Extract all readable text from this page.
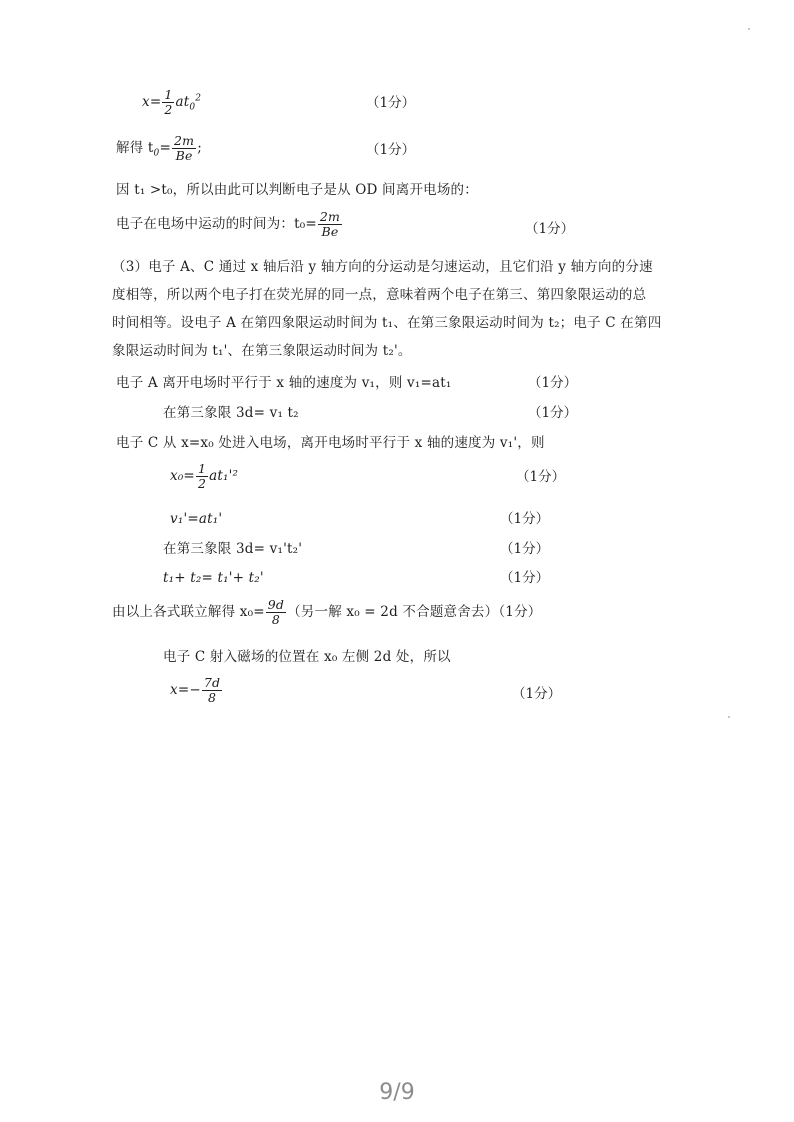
$x= \frac{1}{2} at_0^2$	（1分）
解得 $t_0= \frac{2m}{Be}$ ;	（1分）
因 t₁ >t₀，所以由此可以判断电子是从 OD 间离开电场的：
电子在电场中运动的时间为：$t_0= \frac{2m}{Be}$	（1分）
（3）电子 A、C 通过 x 轴后沿 y 轴方向的分运动是匀速运动，且它们沿 y 轴方向的分速
度相等，所以两个电子打在荧光屏的同一点，意味着两个电子在第三、第四象限运动的总
时间相等。设电子 A 在第四象限运动时间为 t₁、在第三象限运动时间为 t₂；电子 C 在第四
象限运动时间为 t₁'、在第三象限运动时间为 t₂'。
电子 A 离开电场时平行于 x 轴的速度为 v₁，则 v₁=at₁	（1分）
在第三象限 3d= v₁ t₂	（1分）
电子 C 从 x=x₀ 处进入电场，离开电场时平行于 x 轴的速度为 v₁'，则
$x_0= \frac{1}{2} at_1'^2$	（1分）
v₁'=at₁'	（1分）
在第三象限 3d= v₁'t₂'	（1分）
t₁+ t₂= t₁'+ t₂'	（1分）
由以上各式联立解得 $x_0= \frac{9d}{8}$ （另一解 x₀ = 2d 不合题意舍去）（1分）
电子 C 射入磁场的位置在 x₀ 左侧 2d 处，所以
$x=- \frac{7d}{8}$	（1分）
9/9
